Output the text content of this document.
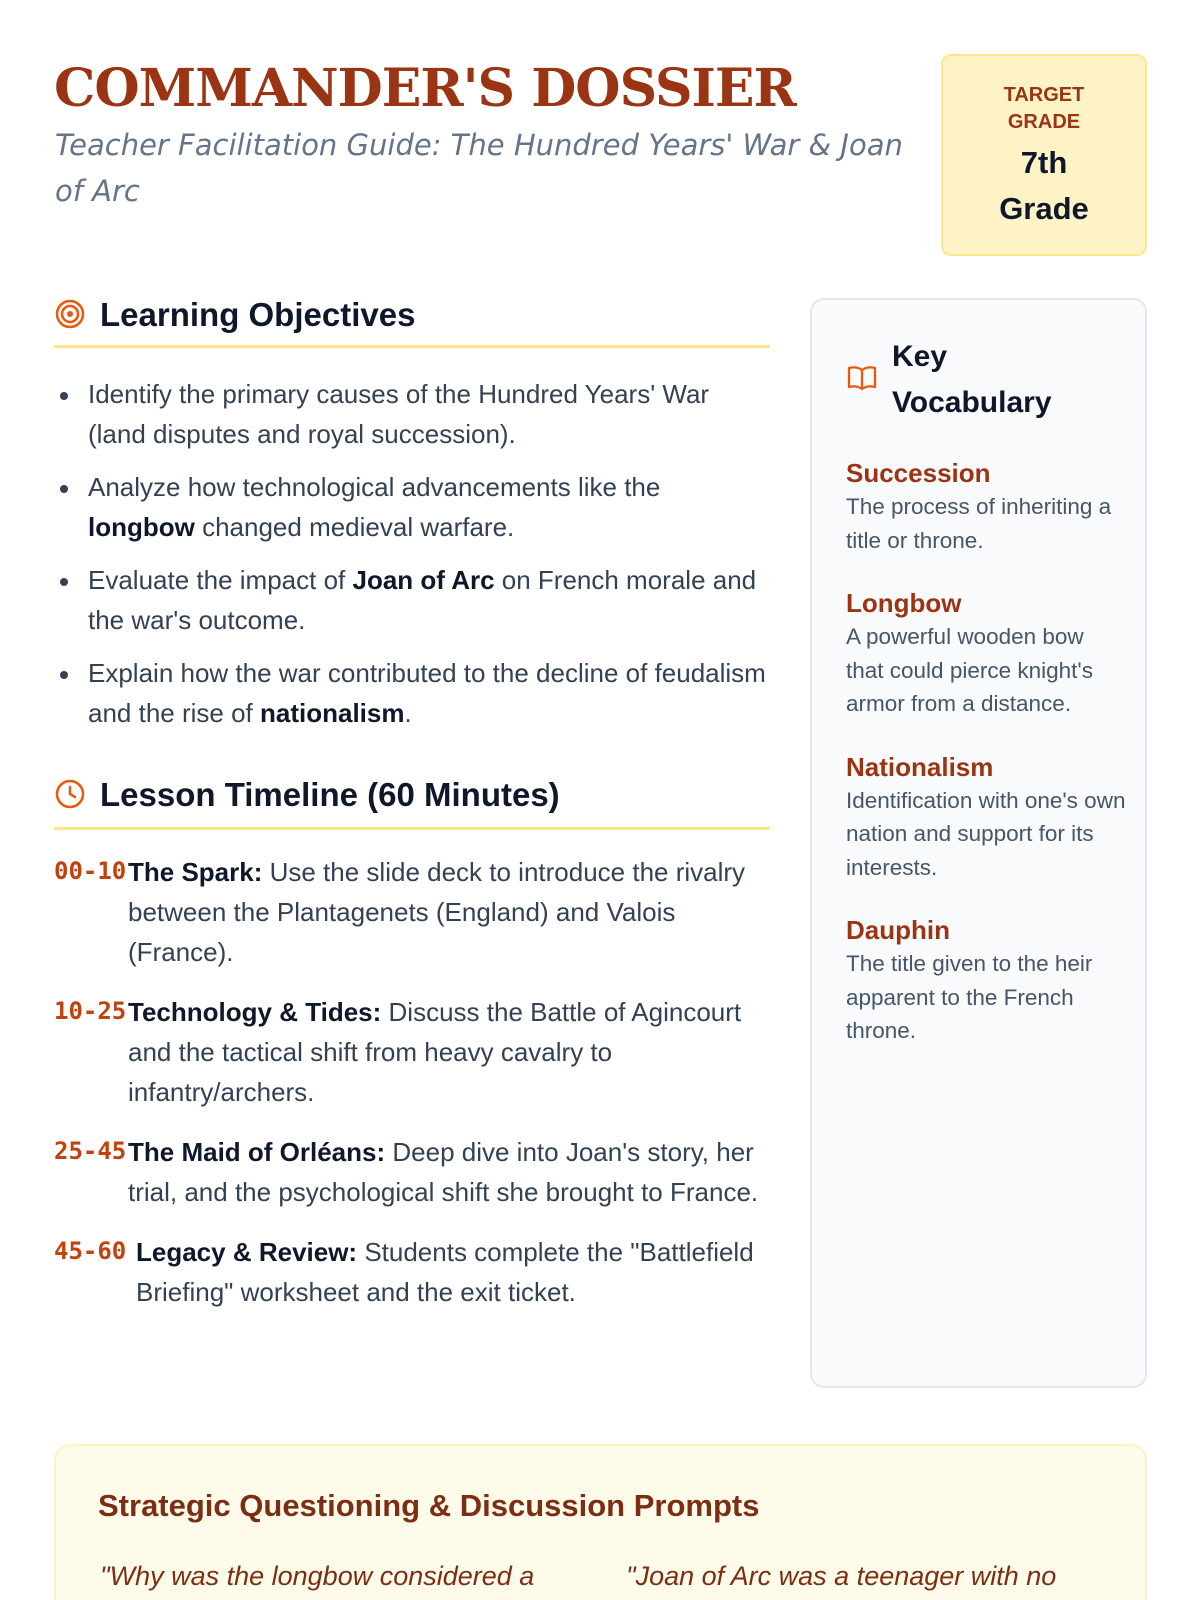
COMMANDER'S DOSSIER
Teacher Facilitation Guide: The Hundred Years' War & Joan of Arc
TARGET GRADE
7th Grade
Learning Objectives
Identify the primary causes of the Hundred Years' War (land disputes and royal succession).
Analyze how technological advancements like the longbow changed medieval warfare.
Evaluate the impact of Joan of Arc on French morale and the war's outcome.
Explain how the war contributed to the decline of feudalism and the rise of nationalism.
Lesson Timeline (60 Minutes)
00-10 The Spark: Use the slide deck to introduce the rivalry between the Plantagenets (England) and Valois (France).
10-25 Technology & Tides: Discuss the Battle of Agincourt and the tactical shift from heavy cavalry to infantry/archers.
25-45 The Maid of Orléans: Deep dive into Joan's story, her trial, and the psychological shift she brought to France.
45-60 Legacy & Review: Students complete the "Battlefield Briefing" worksheet and the exit ticket.
Key Vocabulary
Succession
The process of inheriting a title or throne.
Longbow
A powerful wooden bow that could pierce knight's armor from a distance.
Nationalism
Identification with one's own nation and support for its interests.
Dauphin
The title given to the heir apparent to the French throne.
Strategic Questioning & Discussion Prompts
"Why was the longbow considered a	"Joan of Arc was a teenager with no
